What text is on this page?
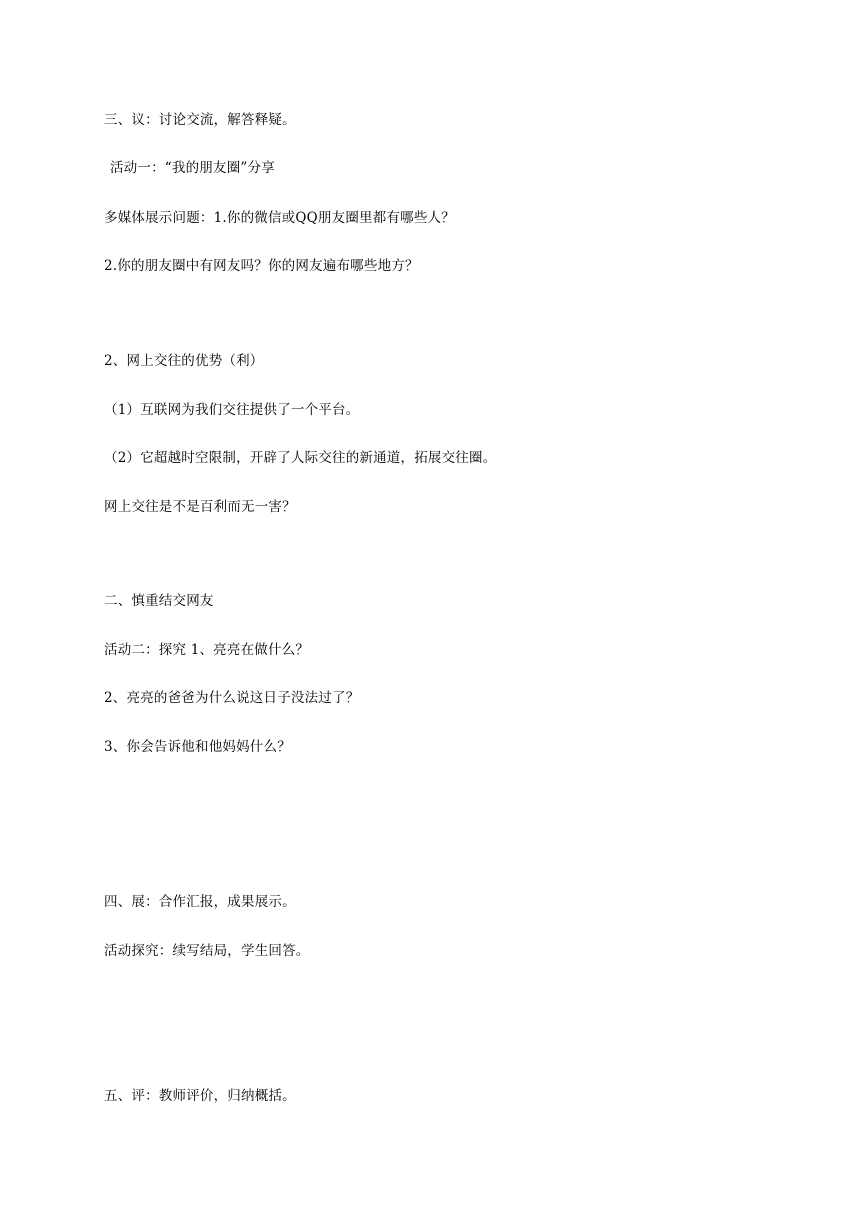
三、议：讨论交流，解答释疑。
活动一：“我的朋友圈”分享
多媒体展示问题：1.你的微信或QQ朋友圈里都有哪些人？
2.你的朋友圈中有网友吗？你的网友遍布哪些地方？
2、网上交往的优势（利）
（1）互联网为我们交往提供了一个平台。
（2）它超越时空限制，开辟了人际交往的新通道，拓展交往圈。
网上交往是不是百利而无一害？
二、慎重结交网友
活动二：探究 1、亮亮在做什么？
2、亮亮的爸爸为什么说这日子没法过了？
3、你会告诉他和他妈妈什么？
四、展：合作汇报，成果展示。
活动探究：续写结局，学生回答。
五、评：教师评价，归纳概括。
